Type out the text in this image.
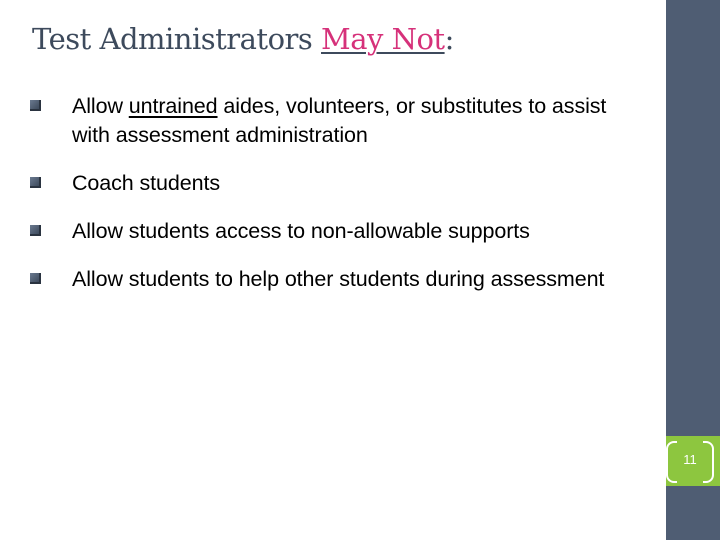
Test Administrators May Not:
Allow untrained aides, volunteers, or substitutes to assist with assessment administration
Coach students
Allow students access to non-allowable supports
Allow students to help other students during assessment
11
